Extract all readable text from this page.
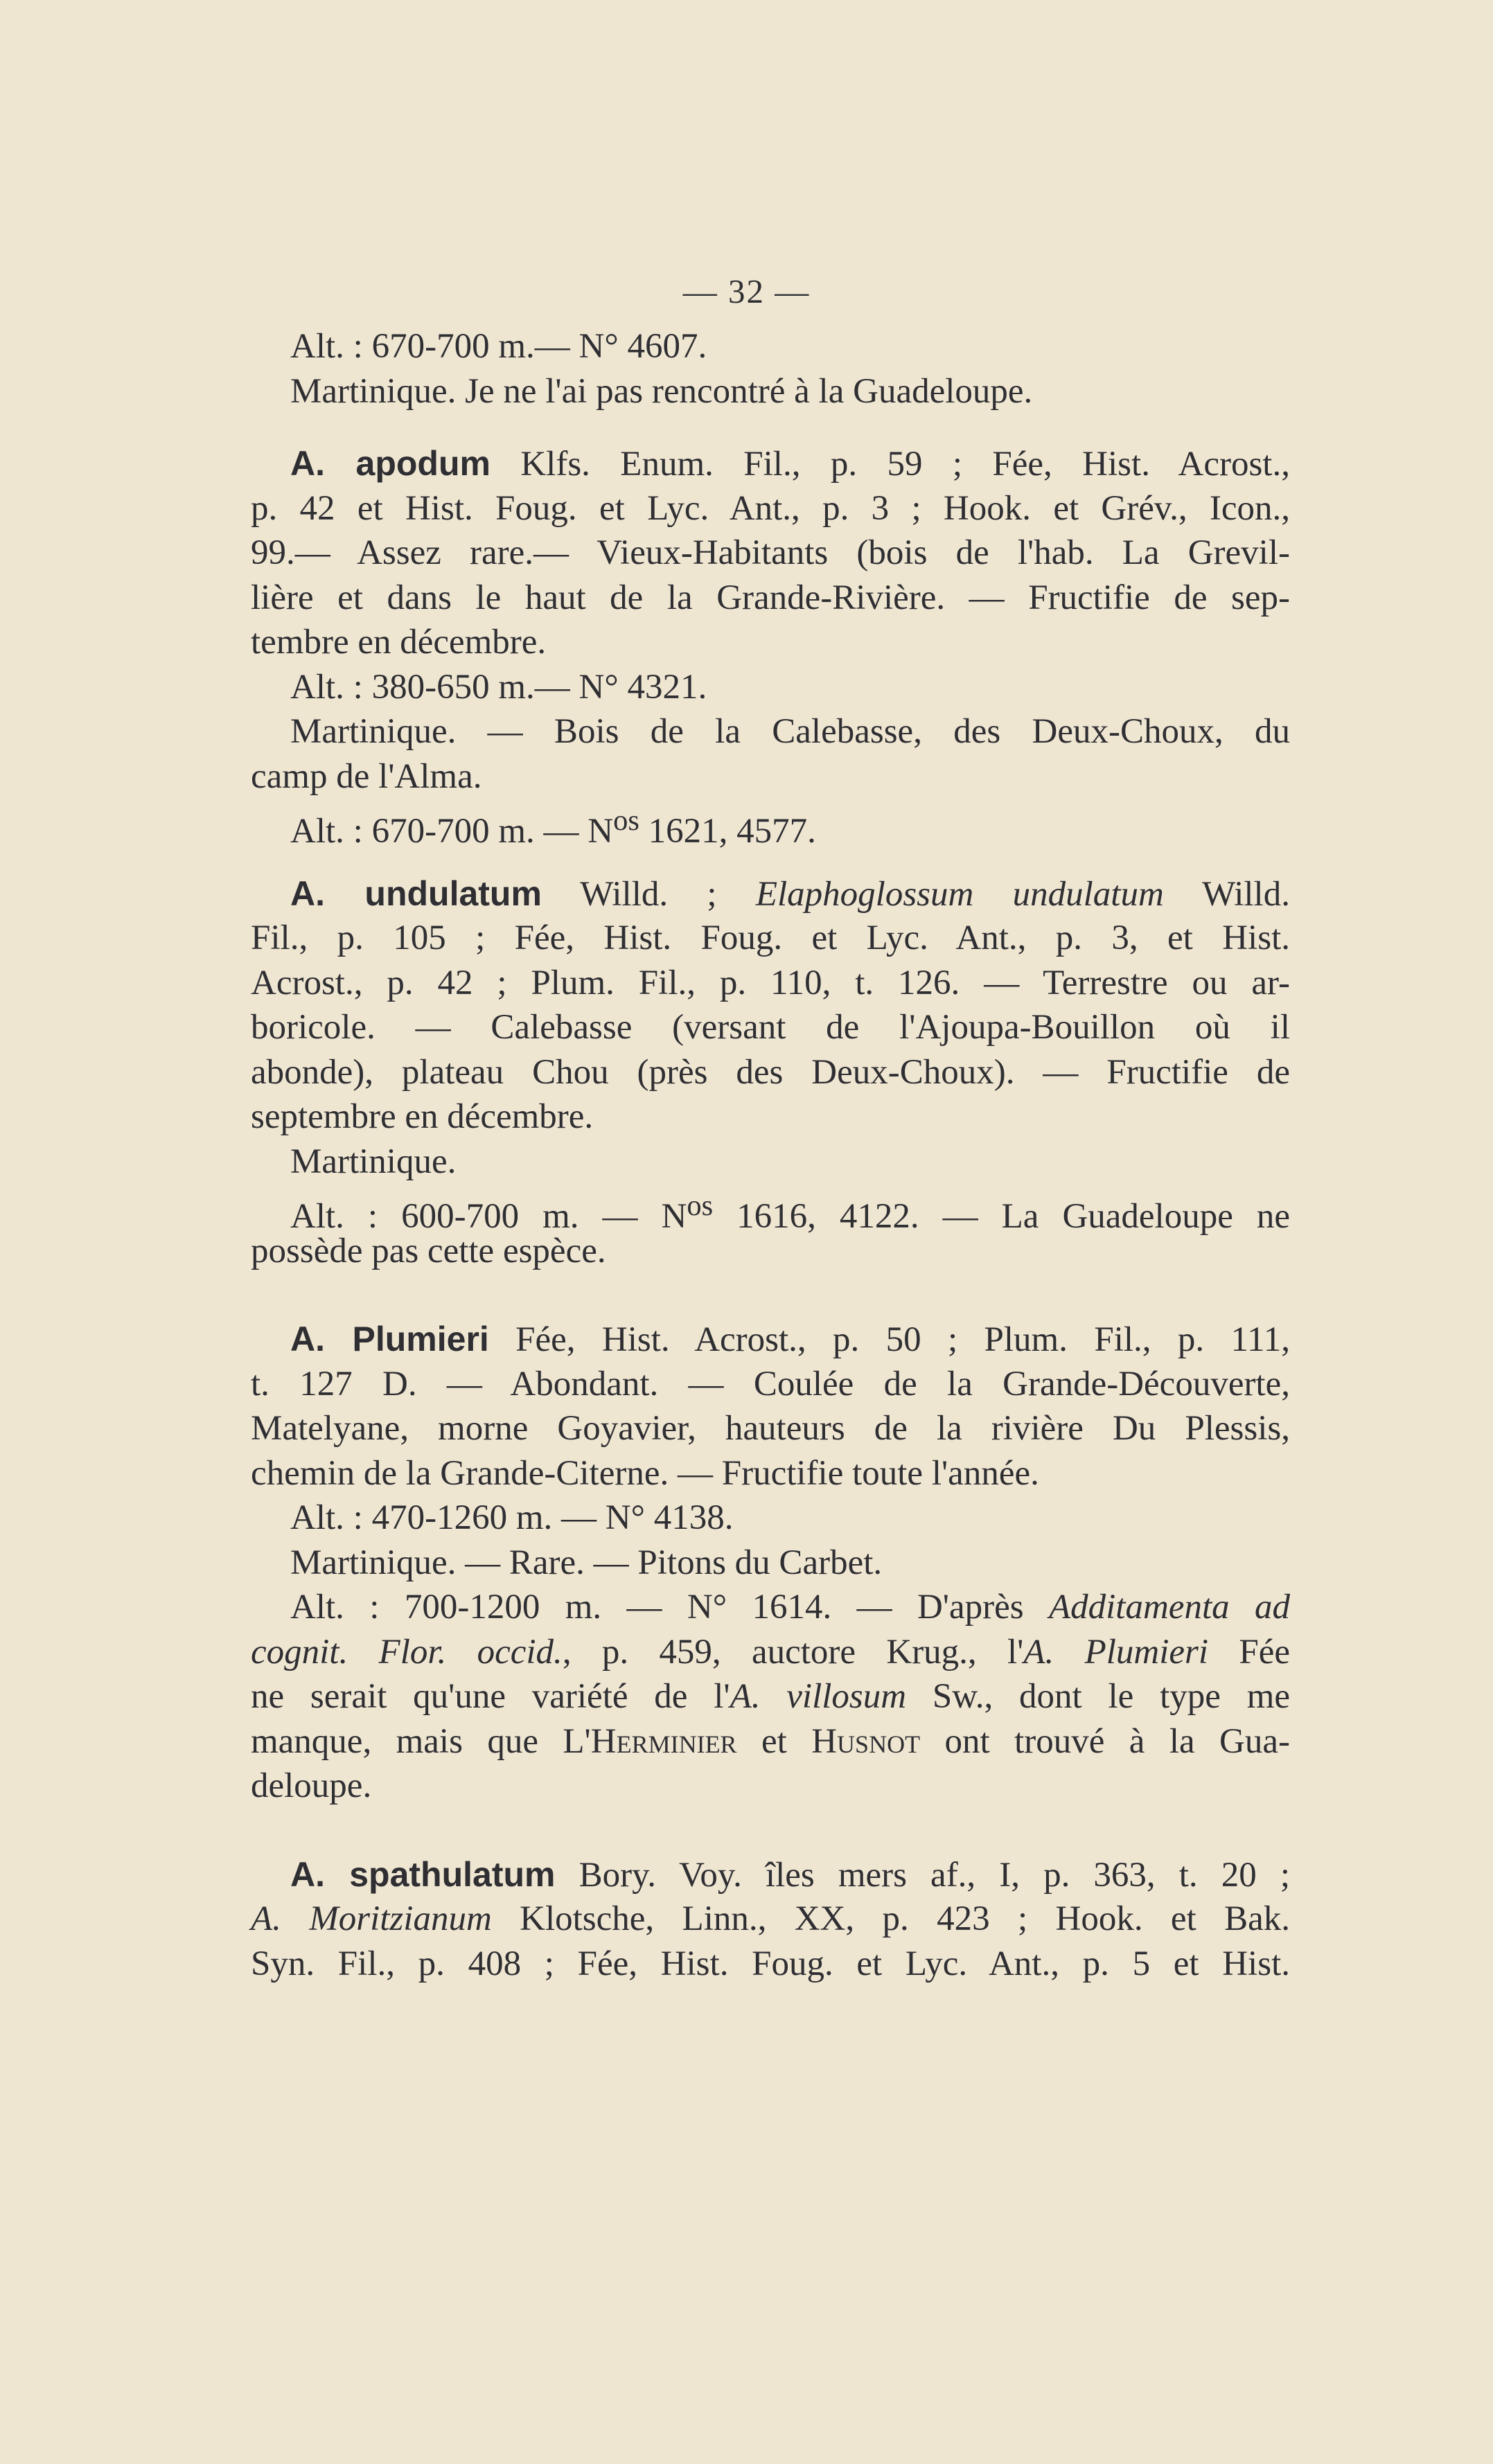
— 32 —
Alt. : 670-700 m.— N° 4607.
Martinique. Je ne l'ai pas rencontré à la Guadeloupe.
A. apodum Klfs. Enum. Fil., p. 59 ; Fée, Hist. Acrost.,
p. 42 et Hist. Foug. et Lyc. Ant., p. 3 ; Hook. et Grév., Icon.,
99.— Assez rare.— Vieux-Habitants (bois de l'hab. La Grevil-
lière et dans le haut de la Grande-Rivière. — Fructifie de sep-
tembre en décembre.
Alt. : 380-650 m.— N° 4321.
Martinique. — Bois de la Calebasse, des Deux-Choux, du
camp de l'Alma.
Alt. : 670-700 m. — $N^{os}$ 1621, 4577.
A. undulatum Willd. ; Elaphoglossum undulatum Willd.
Fil., p. 105 ; Fée, Hist. Foug. et Lyc. Ant., p. 3, et Hist.
Acrost., p. 42 ; Plum. Fil., p. 110, t. 126. — Terrestre ou ar-
boricole. — Calebasse (versant de l'Ajoupa-Bouillon où il
abonde), plateau Chou (près des Deux-Choux). — Fructifie de
septembre en décembre.
Martinique.
Alt. : 600-700 m. — $N^{os}$ 1616, 4122. — La Guadeloupe ne
possède pas cette espèce.
A. Plumieri Fée, Hist. Acrost., p. 50 ; Plum. Fil., p. 111,
t. 127 D. — Abondant. — Coulée de la Grande-Découverte,
Matelyane, morne Goyavier, hauteurs de la rivière Du Plessis,
chemin de la Grande-Citerne. — Fructifie toute l'année.
Alt. : 470-1260 m. — N° 4138.
Martinique. — Rare. — Pitons du Carbet.
Alt. : 700-1200 m. — N° 1614. — D'après Additamenta ad
cognit. Flor. occid., p. 459, auctore Krug., l'A. Plumieri Fée
ne serait qu'une variété de l'A. villosum Sw., dont le type me
manque, mais que L'Herminier et Husnot ont trouvé à la Gua-
deloupe.
A. spathulatum Bory. Voy. îles mers af., I, p. 363, t. 20 ;
A. Moritzianum Klotsche, Linn., XX, p. 423 ; Hook. et Bak.
Syn. Fil., p. 408 ; Fée, Hist. Foug. et Lyc. Ant., p. 5 et Hist.
